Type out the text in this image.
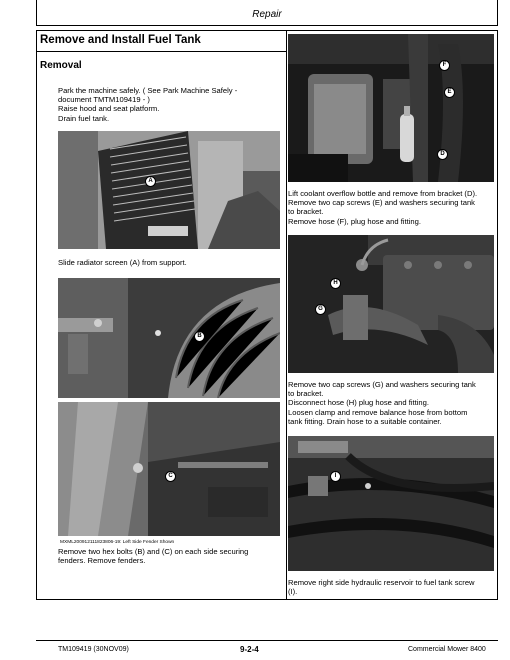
Repair
Remove and Install Fuel Tank
Removal
Park the machine safely. ( See Park Machine Safely -
document TMTM109419 - )
Raise hood and seat platform.
Drain fuel tank.
A
Slide radiator screen (A) from support.
B
C
MXML200912111823806-19: Left Side Fender Shown
Remove two hex bolts (B) and (C) on each side securing
fenders. Remove fenders.
F
E
D
Lift coolant overflow bottle and remove from bracket (D).
Remove two cap screws (E) and washers securing tank
to bracket.
Remove hose (F), plug hose and fitting.
H
G
Remove two cap screws (G) and washers securing tank
to bracket.
Disconnect hose (H) plug hose and fitting.
Loosen clamp and remove balance hose from bottom
tank fitting. Drain hose to a suitable container.
I
Remove right side hydraulic reservoir to fuel tank screw
(I).
TM109419 (30NOV09)	9-2-4	Commercial Mower 8400
